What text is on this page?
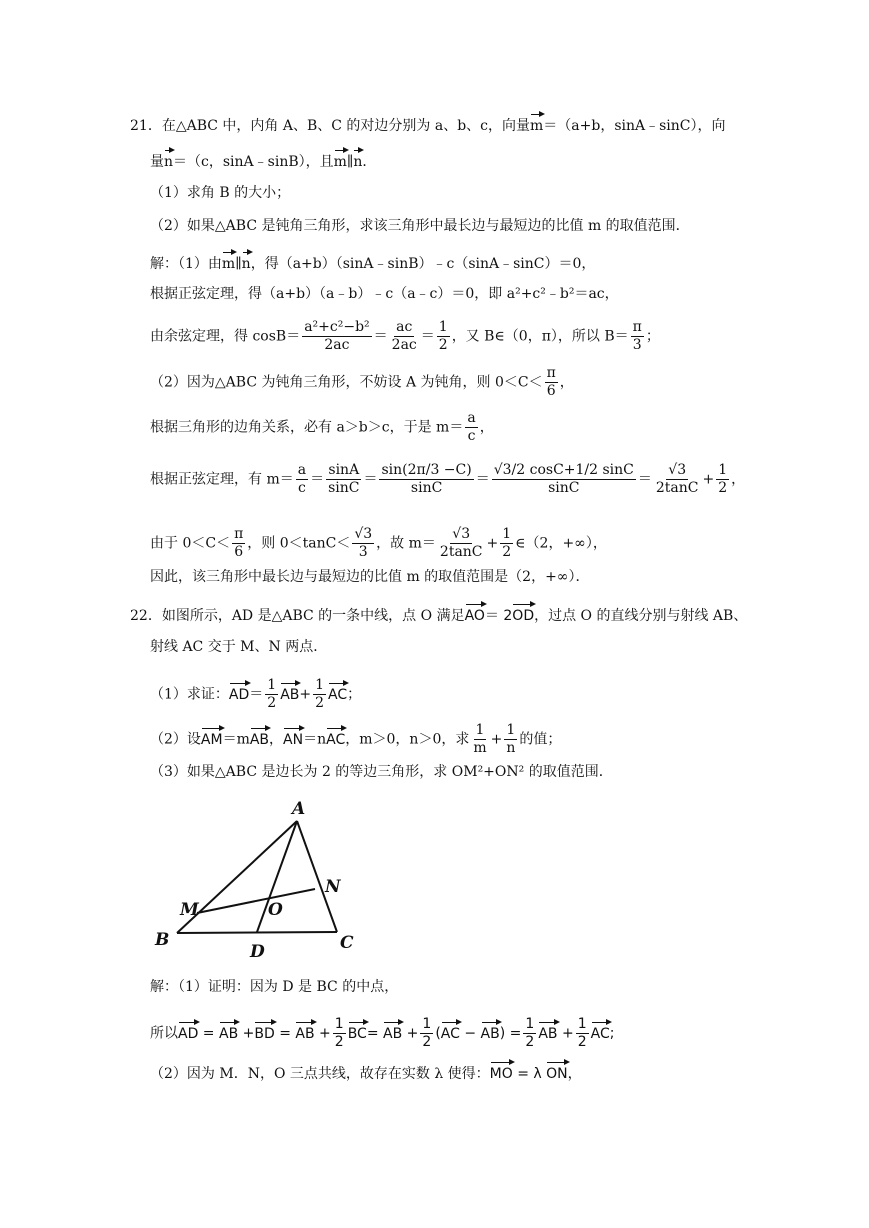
21．在△ABC 中，内角 A、B、C 的对边分别为 a、b、c，向量m＝（a+b，sinA﹣sinC），向
量n＝（c，sinA﹣sinB），且m∥n．
（1）求角 B 的大小；
（2）如果△ABC 是钝角三角形，求该三角形中最长边与最短边的比值 m 的取值范围．
解：（1）由m∥n，得（a+b）（sinA﹣sinB）﹣c（sinA﹣sinC）＝0，
根据正弦定理，得（a+b）（a﹣b）﹣c（a﹣c）＝0，即 a²+c²﹣b²＝ac，
由余弦定理，得 $\cos B= \frac{\text{a²+c²−b²}}{2ac} = \frac{ac}{2ac} = \frac{1}{2}$ ，又 B∈（0，π），所以 $B= \frac{\pi}{3}$ ；
（2）因为△ABC 为钝角三角形，不妨设 A 为钝角，则 $0<C< \frac{\pi}{6}$ ，
根据三角形的边角关系，必有 a＞b＞c，于是 $m= \frac{a}{c}$ ，
根据正弦定理，有 $m= \frac{a}{c} = \frac{\sin A}{\sin C} = \frac{\sin(2\pi/3 -C)}{\sin C} = \frac{√3/2 \cos C+1/2 \sin C}{\sin C} = \frac{√3}{2\tan C} + \frac{1}{2}$ ，
由于 $0<C< \frac{\pi}{6}$ ，则 $0<\tan C< \frac{√3}{3}$ ，故 $m= \frac{√3}{2\tan C} + \frac{1}{2}$ ∈（2，+∞），
因此，该三角形中最长边与最短边的比值 m 的取值范围是（2，+∞）．
22．如图所示，AD 是△ABC 的一条中线，点 O 满足AO＝ 2OD，过点 O 的直线分别与射线 AB、
射线 AC 交于 M、N 两点．
（1）求证：$AD= \frac{1}{2} AB+ \frac{1}{2}$ AC；
（2）设AM＝mAB，AN＝nAC，m＞0，n＞0，求 $\frac{1}{m} + \frac{1}{n}$ 的值；
（3）如果△ABC 是边长为 2 的等边三角形，求 OM²+ON² 的取值范围．
A
B	C
D
M
N
O
解：（1）证明：因为 D 是 BC 的中点，
所以AD = AB +BD = AB + $\frac{1}{2} BC=$ AB + $\frac{1}{2} (AC - AB) = \frac{1}{2}$ AB + $\frac{1}{2}$ AC;
（2）因为 M．N，O 三点共线，故存在实数 λ 使得：MO = λ ON，
